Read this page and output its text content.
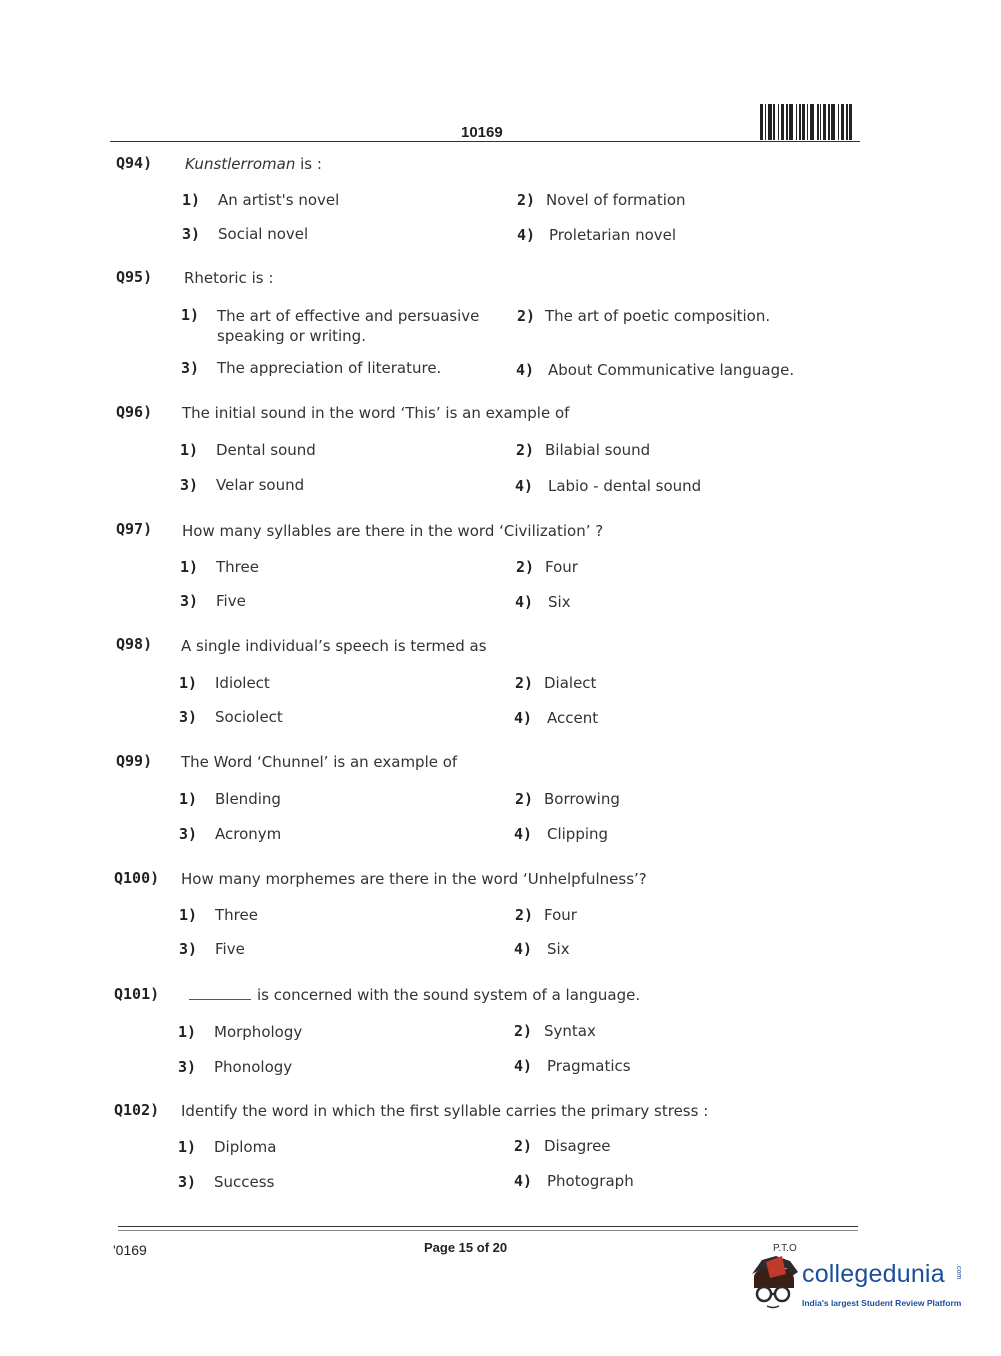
10169
Q94) Kunstlerroman is :
1) An artist's novel	2) Novel of formation
3) Social novel	4) Proletarian novel
Q95) Rhetoric is :
1) The art of effective and persuasive speaking or writing.
2) The art of poetic composition.
3) The appreciation of literature.	4) About Communicative language.
Q96) The initial sound in the word ‘This’ is an example of
1) Dental sound	2) Bilabial sound
3) Velar sound	4) Labio - dental sound
Q97) How many syllables are there in the word ‘Civilization’ ?
1) Three	2) Four
3) Five	4) Six
Q98) A single individual’s speech is termed as
1) Idiolect	2) Dialect
3) Sociolect	4) Accent
Q99) The Word ‘Chunnel’ is an example of
1) Blending	2) Borrowing
3) Acronym	4) Clipping
Q100) How many morphemes are there in the word ‘Unhelpfulness’?
1) Three	2) Four
3) Five	4) Six
Q101)	is concerned with the sound system of a language.
1) Morphology	2) Syntax
3) Phonology	4) Pragmatics
Q102) Identify the word in which the first syllable carries the primary stress :
1) Diploma	2) Disagree
3) Success	4) Photograph
'0169	Page 15 of 20	P.T.O
collegedunia .com
India's largest Student Review Platform
